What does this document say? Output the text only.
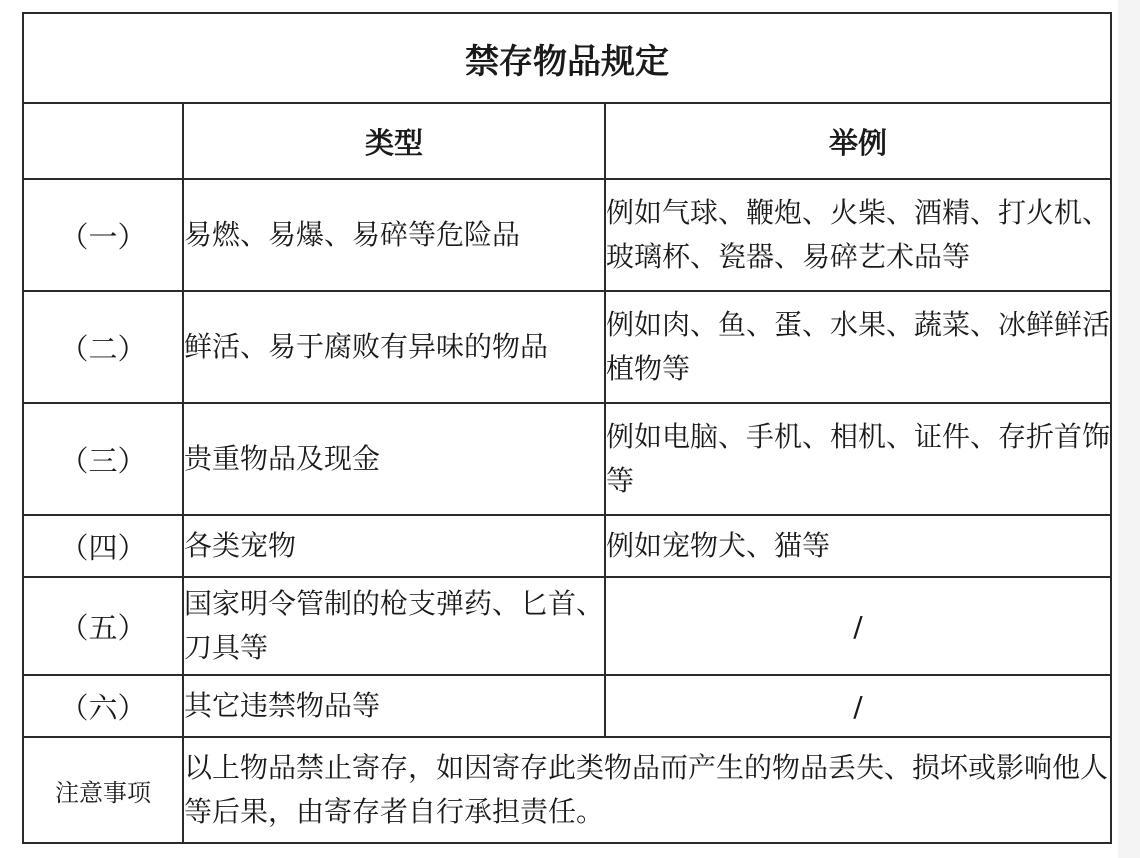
禁存物品规定		
	类型	举例
（一）	易燃、易爆、易碎等危险品	例如气球、鞭炮、火柴、酒精、打火机、玻璃杯、瓷器、易碎艺术品等
（二）	鲜活、易于腐败有异味的物品	例如肉、鱼、蛋、水果、蔬菜、冰鲜鲜活植物等
（三）	贵重物品及现金	例如电脑、手机、相机、证件、存折首饰等
（四）	各类宠物	例如宠物犬、猫等
（五）	国家明令管制的枪支弹药、匕首、刀具等	/
（六）	其它违禁物品等	/
注意事项	以上物品禁止寄存，如因寄存此类物品而产生的物品丢失、损坏或影响他人等后果，由寄存者自行承担责任。	
